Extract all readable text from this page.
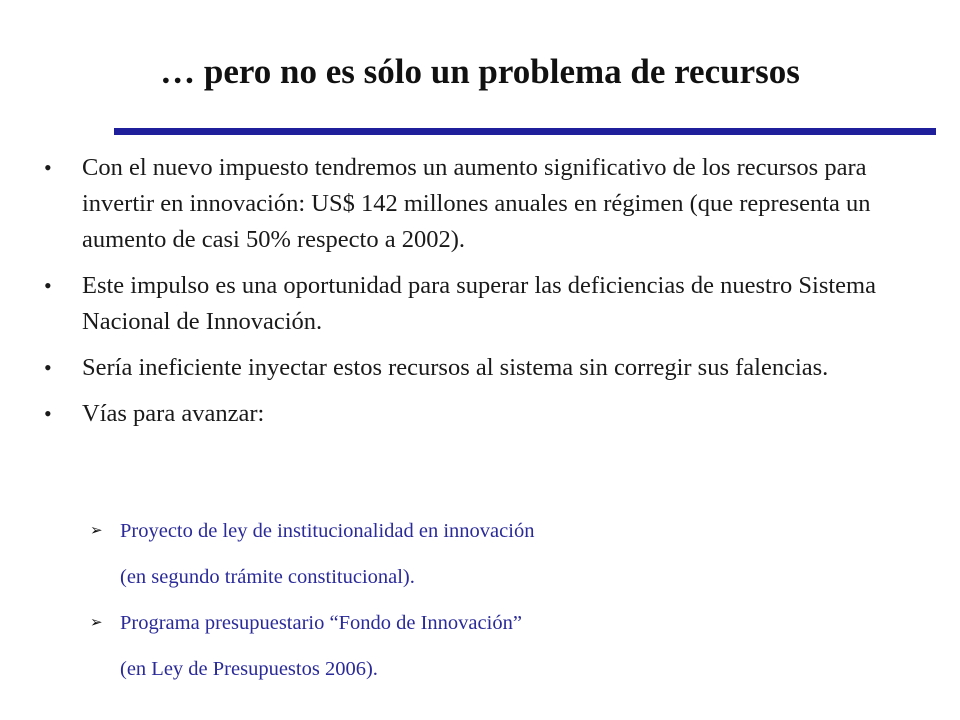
… pero no es sólo un problema de recursos
• Con el nuevo impuesto tendremos un aumento significativo de los recursos para invertir en innovación: US$ 142 millones anuales en régimen (que representa un aumento de casi 50% respecto a 2002).
• Este impulso es una oportunidad para superar las deficiencias de nuestro Sistema Nacional de Innovación.
• Sería ineficiente inyectar estos recursos al sistema sin corregir sus falencias.
• Vías para avanzar:
➢ Proyecto de ley de institucionalidad en innovación
(en segundo trámite constitucional).
➢ Programa presupuestario “Fondo de Innovación”
(en Ley de Presupuestos 2006).
